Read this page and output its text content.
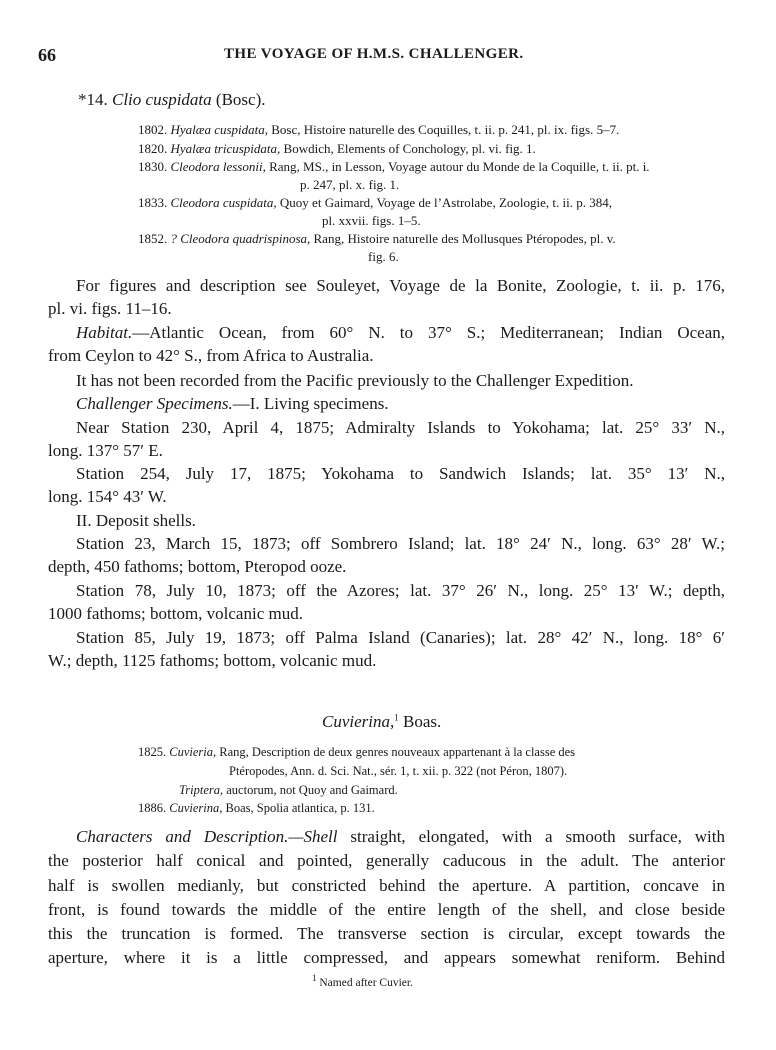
66	THE VOYAGE OF H.M.S. CHALLENGER.
*14. Clio cuspidata (Bosc).
1802. Hyalæa cuspidata, Bosc, Histoire naturelle des Coquilles, t. ii. p. 241, pl. ix. figs. 5–7.
1820. Hyalæa tricuspidata, Bowdich, Elements of Conchology, pl. vi. fig. 1.
1830. Cleodora lessonii, Rang, MS., in Lesson, Voyage autour du Monde de la Coquille, t. ii. pt. i.
p. 247, pl. x. fig. 1.
1833. Cleodora cuspidata, Quoy et Gaimard, Voyage de l’Astrolabe, Zoologie, t. ii. p. 384,
pl. xxvii. figs. 1–5.
1852. ? Cleodora quadrispinosa, Rang, Histoire naturelle des Mollusques Ptéropodes, pl. v.
fig. 6.
For figures and description see Souleyet, Voyage de la Bonite, Zoologie, t. ii. p. 176,
pl. vi. figs. 11–16.
Habitat.—Atlantic Ocean, from 60° N. to 37° S.; Mediterranean; Indian Ocean,
from Ceylon to 42° S., from Africa to Australia.
It has not been recorded from the Pacific previously to the Challenger Expedition.
Challenger Specimens.—I. Living specimens.
Near Station 230, April 4, 1875; Admiralty Islands to Yokohama; lat. 25° 33′ N.,
long. 137° 57′ E.
Station 254, July 17, 1875; Yokohama to Sandwich Islands; lat. 35° 13′ N.,
long. 154° 43′ W.
II. Deposit shells.
Station 23, March 15, 1873; off Sombrero Island; lat. 18° 24′ N., long. 63° 28′ W.;
depth, 450 fathoms; bottom, Pteropod ooze.
Station 78, July 10, 1873; off the Azores; lat. 37° 26′ N., long. 25° 13′ W.; depth,
1000 fathoms; bottom, volcanic mud.
Station 85, July 19, 1873; off Palma Island (Canaries); lat. 28° 42′ N., long. 18° 6′
W.; depth, 1125 fathoms; bottom, volcanic mud.
Cuvierina,$^1$ Boas.
1825. Cuvieria, Rang, Description de deux genres nouveaux appartenant à la classe des
Ptéropodes, Ann. d. Sci. Nat., sér. 1, t. xii. p. 322 (not Péron, 1807).
Triptera, auctorum, not Quoy and Gaimard.
1886. Cuvierina, Boas, Spolia atlantica, p. 131.
Characters and Description.—Shell straight, elongated, with a smooth surface, with
the posterior half conical and pointed, generally caducous in the adult. The anterior
half is swollen medianly, but constricted behind the aperture. A partition, concave in
front, is found towards the middle of the entire length of the shell, and close beside
this the truncation is formed. The transverse section is circular, except towards the
aperture, where it is a little compressed, and appears somewhat reniform. Behind
$^1$ Named after Cuvier.
